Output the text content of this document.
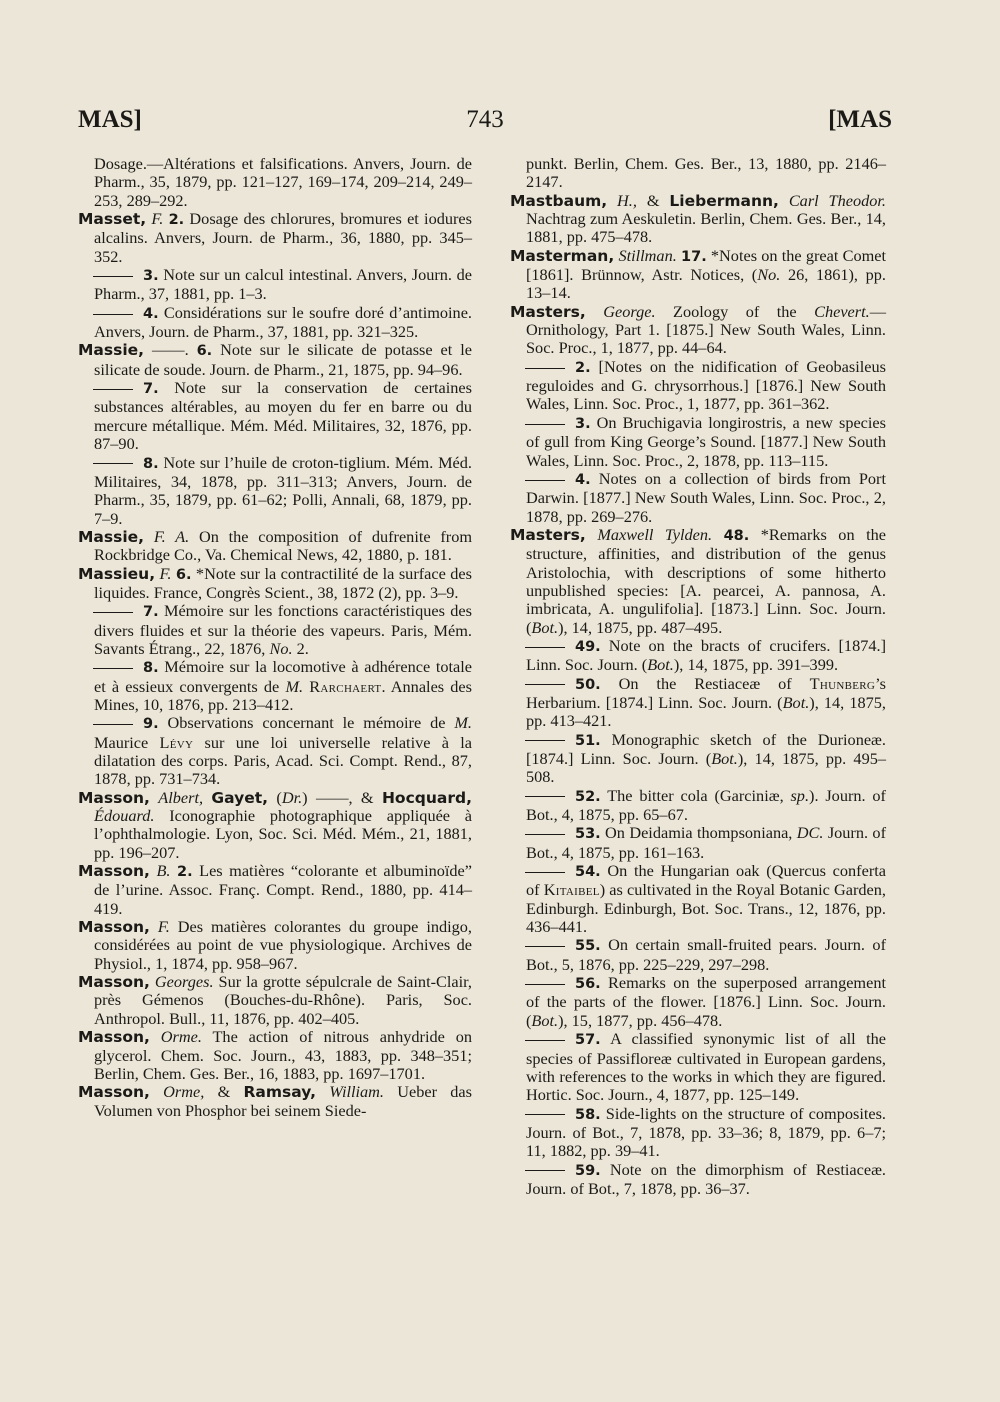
743
MAS]	[MAS

Dosage.—Altérations et falsifications. Anvers, Journ. de Pharm., 35, 1879, pp. 121–127, 169–174, 209–214, 249–253, 289–292.

Masset, F. 2. Dosage des chlorures, bromures et iodures alcalins. Anvers, Journ. de Pharm., 36, 1880, pp. 345–352.

3. Note sur un calcul intestinal. Anvers, Journ. de Pharm., 37, 1881, pp. 1–3.

4. Considérations sur le soufre doré d’antimoine. Anvers, Journ. de Pharm., 37, 1881, pp. 321–325.

Massie, ——. 6. Note sur le silicate de potasse et le silicate de soude. Journ. de Pharm., 21, 1875, pp. 94–96.

7. Note sur la conservation de certaines substances altérables, au moyen du fer en barre ou du mercure métallique. Mém. Méd. Militaires, 32, 1876, pp. 87–90.

8. Note sur l’huile de croton-tiglium. Mém. Méd. Militaires, 34, 1878, pp. 311–313; Anvers, Journ. de Pharm., 35, 1879, pp. 61–62; Polli, Annali, 68, 1879, pp. 7–9.

Massie, F. A. On the composition of dufrenite from Rockbridge Co., Va. Chemical News, 42, 1880, p. 181.

Massieu, F. 6. *Note sur la contractilité de la surface des liquides. France, Congrès Scient., 38, 1872 (2), pp. 3–9.

7. Mémoire sur les fonctions caractéristiques des divers fluides et sur la théorie des vapeurs. Paris, Mém. Savants Étrang., 22, 1876, No. 2.

8. Mémoire sur la locomotive à adhérence totale et à essieux convergents de M. Rarchaert. Annales des Mines, 10, 1876, pp. 213–412.

9. Observations concernant le mémoire de M. Maurice Lévy sur une loi universelle relative à la dilatation des corps. Paris, Acad. Sci. Compt. Rend., 87, 1878, pp. 731–734.

Masson, Albert, Gayet, (Dr.) ——, & Hocquard, Édouard. Iconographie photographique appliquée à l’ophthalmologie. Lyon, Soc. Sci. Méd. Mém., 21, 1881, pp. 196–207.

Masson, B. 2. Les matières “colorante et albuminoïde” de l’urine. Assoc. Franç. Compt. Rend., 1880, pp. 414–419.

Masson, F. Des matières colorantes du groupe indigo, considérées au point de vue physiologique. Archives de Physiol., 1, 1874, pp. 958–967.

Masson, Georges. Sur la grotte sépulcrale de Saint-Clair, près Gémenos (Bouches-du-Rhône). Paris, Soc. Anthropol. Bull., 11, 1876, pp. 402–405.

Masson, Orme. The action of nitrous anhydride on glycerol. Chem. Soc. Journ., 43, 1883, pp. 348–351; Berlin, Chem. Ges. Ber., 16, 1883, pp. 1697–1701.

Masson, Orme, & Ramsay, William. Ueber das Volumen von Phosphor bei seinem Siede-

punkt. Berlin, Chem. Ges. Ber., 13, 1880, pp. 2146–2147.

Mastbaum, H., & Liebermann, Carl Theodor. Nachtrag zum Aeskuletin. Berlin, Chem. Ges. Ber., 14, 1881, pp. 475–478.

Masterman, Stillman. 17. *Notes on the great Comet [1861]. Brünnow, Astr. Notices, (No. 26, 1861), pp. 13–14.

Masters, George. Zoology of the Chevert.—Ornithology, Part 1. [1875.] New South Wales, Linn. Soc. Proc., 1, 1877, pp. 44–64.

2. [Notes on the nidification of Geobasileus reguloides and G. chrysorrhous.] [1876.] New South Wales, Linn. Soc. Proc., 1, 1877, pp. 361–362.

3. On Bruchigavia longirostris, a new species of gull from King George’s Sound. [1877.] New South Wales, Linn. Soc. Proc., 2, 1878, pp. 113–115.

4. Notes on a collection of birds from Port Darwin. [1877.] New South Wales, Linn. Soc. Proc., 2, 1878, pp. 269–276.

Masters, Maxwell Tylden. 48. *Remarks on the structure, affinities, and distribution of the genus Aristolochia, with descriptions of some hitherto unpublished species: [A. pearcei, A. pannosa, A. imbricata, A. ungulifolia]. [1873.] Linn. Soc. Journ. (Bot.), 14, 1875, pp. 487–495.

49. Note on the bracts of crucifers. [1874.] Linn. Soc. Journ. (Bot.), 14, 1875, pp. 391–399.

50. On the Restiaceæ of Thunberg’s Herbarium. [1874.] Linn. Soc. Journ. (Bot.), 14, 1875, pp. 413–421.

51. Monographic sketch of the Durioneæ. [1874.] Linn. Soc. Journ. (Bot.), 14, 1875, pp. 495–508.

52. The bitter cola (Garciniæ, sp.). Journ. of Bot., 4, 1875, pp. 65–67.

53. On Deidamia thompsoniana, DC. Journ. of Bot., 4, 1875, pp. 161–163.

54. On the Hungarian oak (Quercus conferta of Kitaibel) as cultivated in the Royal Botanic Garden, Edinburgh. Edinburgh, Bot. Soc. Trans., 12, 1876, pp. 436–441.

55. On certain small-fruited pears. Journ. of Bot., 5, 1876, pp. 225–229, 297–298.

56. Remarks on the superposed arrangement of the parts of the flower. [1876.] Linn. Soc. Journ. (Bot.), 15, 1877, pp. 456–478.

57. A classified synonymic list of all the species of Passifloreæ cultivated in European gardens, with references to the works in which they are figured. Hortic. Soc. Journ., 4, 1877, pp. 125–149.

58. Side-lights on the structure of composites. Journ. of Bot., 7, 1878, pp. 33–36; 8, 1879, pp. 6–7; 11, 1882, pp. 39–41.

59. Note on the dimorphism of Restiaceæ. Journ. of Bot., 7, 1878, pp. 36–37.
